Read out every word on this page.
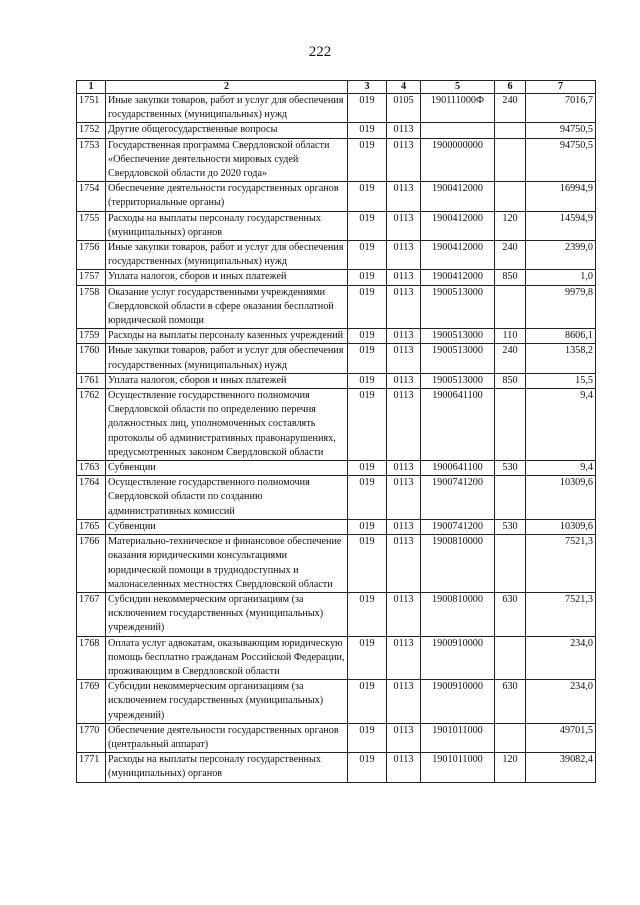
222
1	2	3	4	5	6	7
1751	Иные закупки товаров, работ и услуг для обеспечения государственных (муниципальных) нужд	019	0105	190111000Ф	240	7016,7
1752	Другие общегосударственные вопросы	019	0113			94750,5
1753	Государственная программа Свердловской области «Обеспечение деятельности мировых судей Свердловской области до 2020 года»	019	0113	1900000000		94750,5
1754	Обеспечение деятельности государственных органов (территориальные органы)	019	0113	1900412000		16994,9
1755	Расходы на выплаты персоналу государственных (муниципальных) органов	019	0113	1900412000	120	14594,9
1756	Иные закупки товаров, работ и услуг для обеспечения государственных (муниципальных) нужд	019	0113	1900412000	240	2399,0
1757	Уплата налогов, сборов и иных платежей	019	0113	1900412000	850	1,0
1758	Оказание услуг государственными учреждениями Свердловской области в сфере оказания бесплатной юридической помощи	019	0113	1900513000		9979,8
1759	Расходы на выплаты персоналу казенных учреждений	019	0113	1900513000	110	8606,1
1760	Иные закупки товаров, работ и услуг для обеспечения государственных (муниципальных) нужд	019	0113	1900513000	240	1358,2
1761	Уплата налогов, сборов и иных платежей	019	0113	1900513000	850	15,5
1762	Осуществление государственного полномочия Свердловской области по определению перечня должностных лиц, уполномоченных составлять протоколы об административных правонарушениях, предусмотренных законом Свердловской области	019	0113	1900641100		9,4
1763	Субвенции	019	0113	1900641100	530	9,4
1764	Осуществление государственного полномочия Свердловской области по созданию административных комиссий	019	0113	1900741200		10309,6
1765	Субвенции	019	0113	1900741200	530	10309,6
1766	Материально-техническое и финансовое обеспечение оказания юридическими консультациями юридической помощи в труднодоступных и малонаселенных местностях Свердловской области	019	0113	1900810000		7521,3
1767	Субсидии некоммерческим организациям (за исключением государственных (муниципальных) учреждений)	019	0113	1900810000	630	7521,3
1768	Оплата услуг адвокатам, оказывающим юридическую помощь бесплатно гражданам Российской Федерации, проживающим в Свердловской области	019	0113	1900910000		234,0
1769	Субсидии некоммерческим организациям (за исключением государственных (муниципальных) учреждений)	019	0113	1900910000	630	234,0
1770	Обеспечение деятельности государственных органов (центральный аппарат)	019	0113	1901011000		49701,5
1771	Расходы на выплаты персоналу государственных (муниципальных) органов	019	0113	1901011000	120	39082,4
